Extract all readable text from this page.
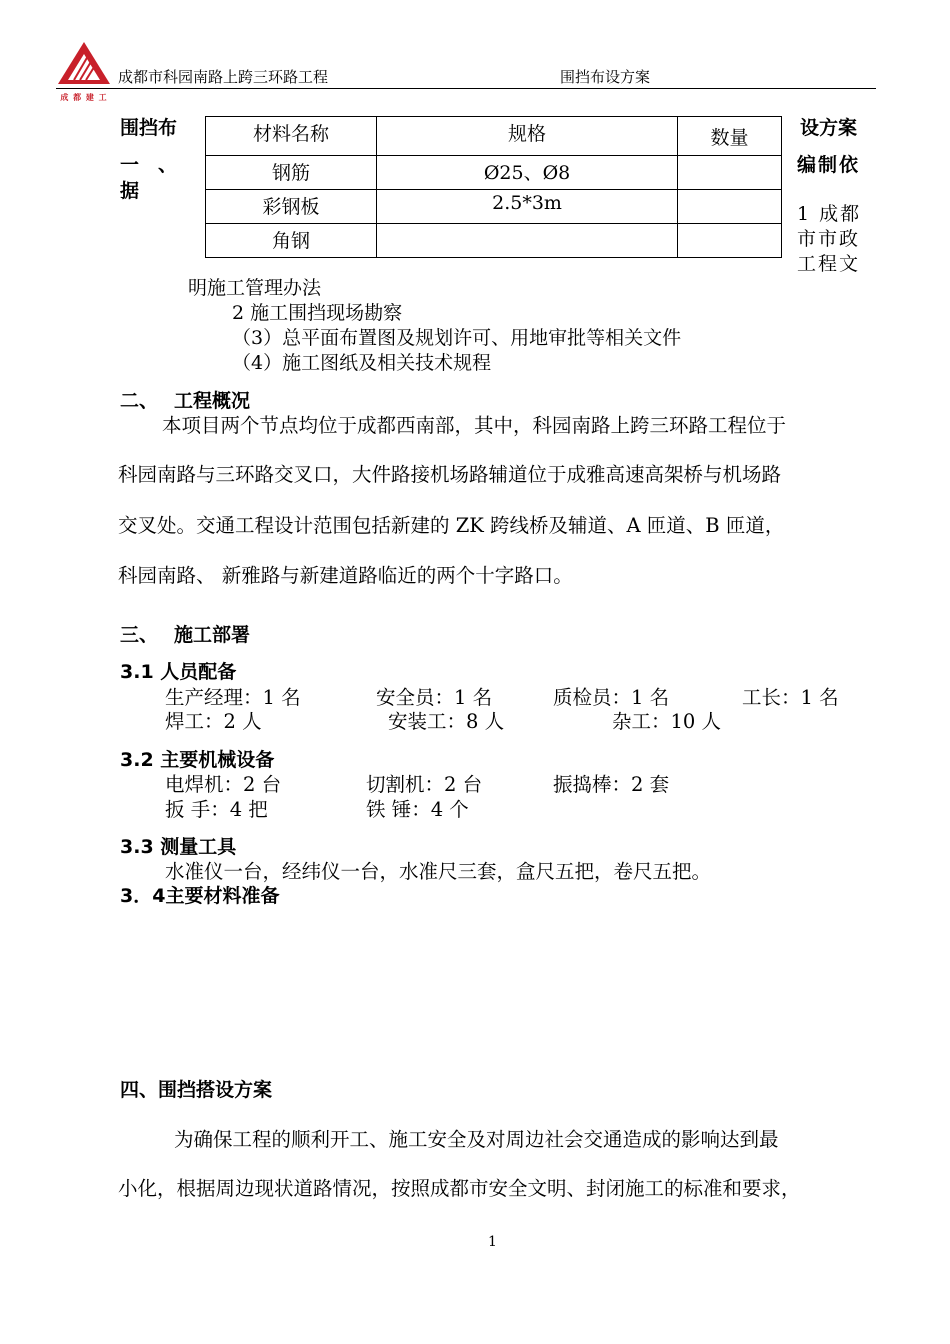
成 都 建 工
成都市科园南路上跨三环路工程	围挡布设方案
围挡布
一　、
据
设方案
编制依
材料名称	规格	数量
钢筋	Ø25、Ø8	
彩钢板	2.5*3m	
角钢		
1 成都
市市政
工程文
明施工管理办法
2 施工围挡现场勘察
（3）总平面布置图及规划许可、用地审批等相关文件
（4）施工图纸及相关技术规程
二、 工程概况
本项目两个节点均位于成都西南部，其中，科园南路上跨三环路工程位于
科园南路与三环路交叉口，大件路接机场路辅道位于成雅高速高架桥与机场路
交叉处。交通工程设计范围包括新建的 ZK 跨线桥及辅道、A 匝道、B 匝道，
科园南路、 新雅路与新建道路临近的两个十字路口。
三、 施工部署
3.1 人员配备
生产经理：1 名	安全员：1 名	质检员：1 名	工长：1 名
焊工：2 人	安装工：8 人	杂工：10 人
3.2 主要机械设备
电焊机：2 台	切割机：2 台	振捣棒：2 套
扳 手：4 把	铁 锤：4 个
3.3 测量工具
水准仪一台，经纬仪一台，水准尺三套，盒尺五把，卷尺五把。
3．4主要材料准备
四、围挡搭设方案
为确保工程的顺利开工、施工安全及对周边社会交通造成的影响达到最
小化，根据周边现状道路情况，按照成都市安全文明、封闭施工的标准和要求，
1
